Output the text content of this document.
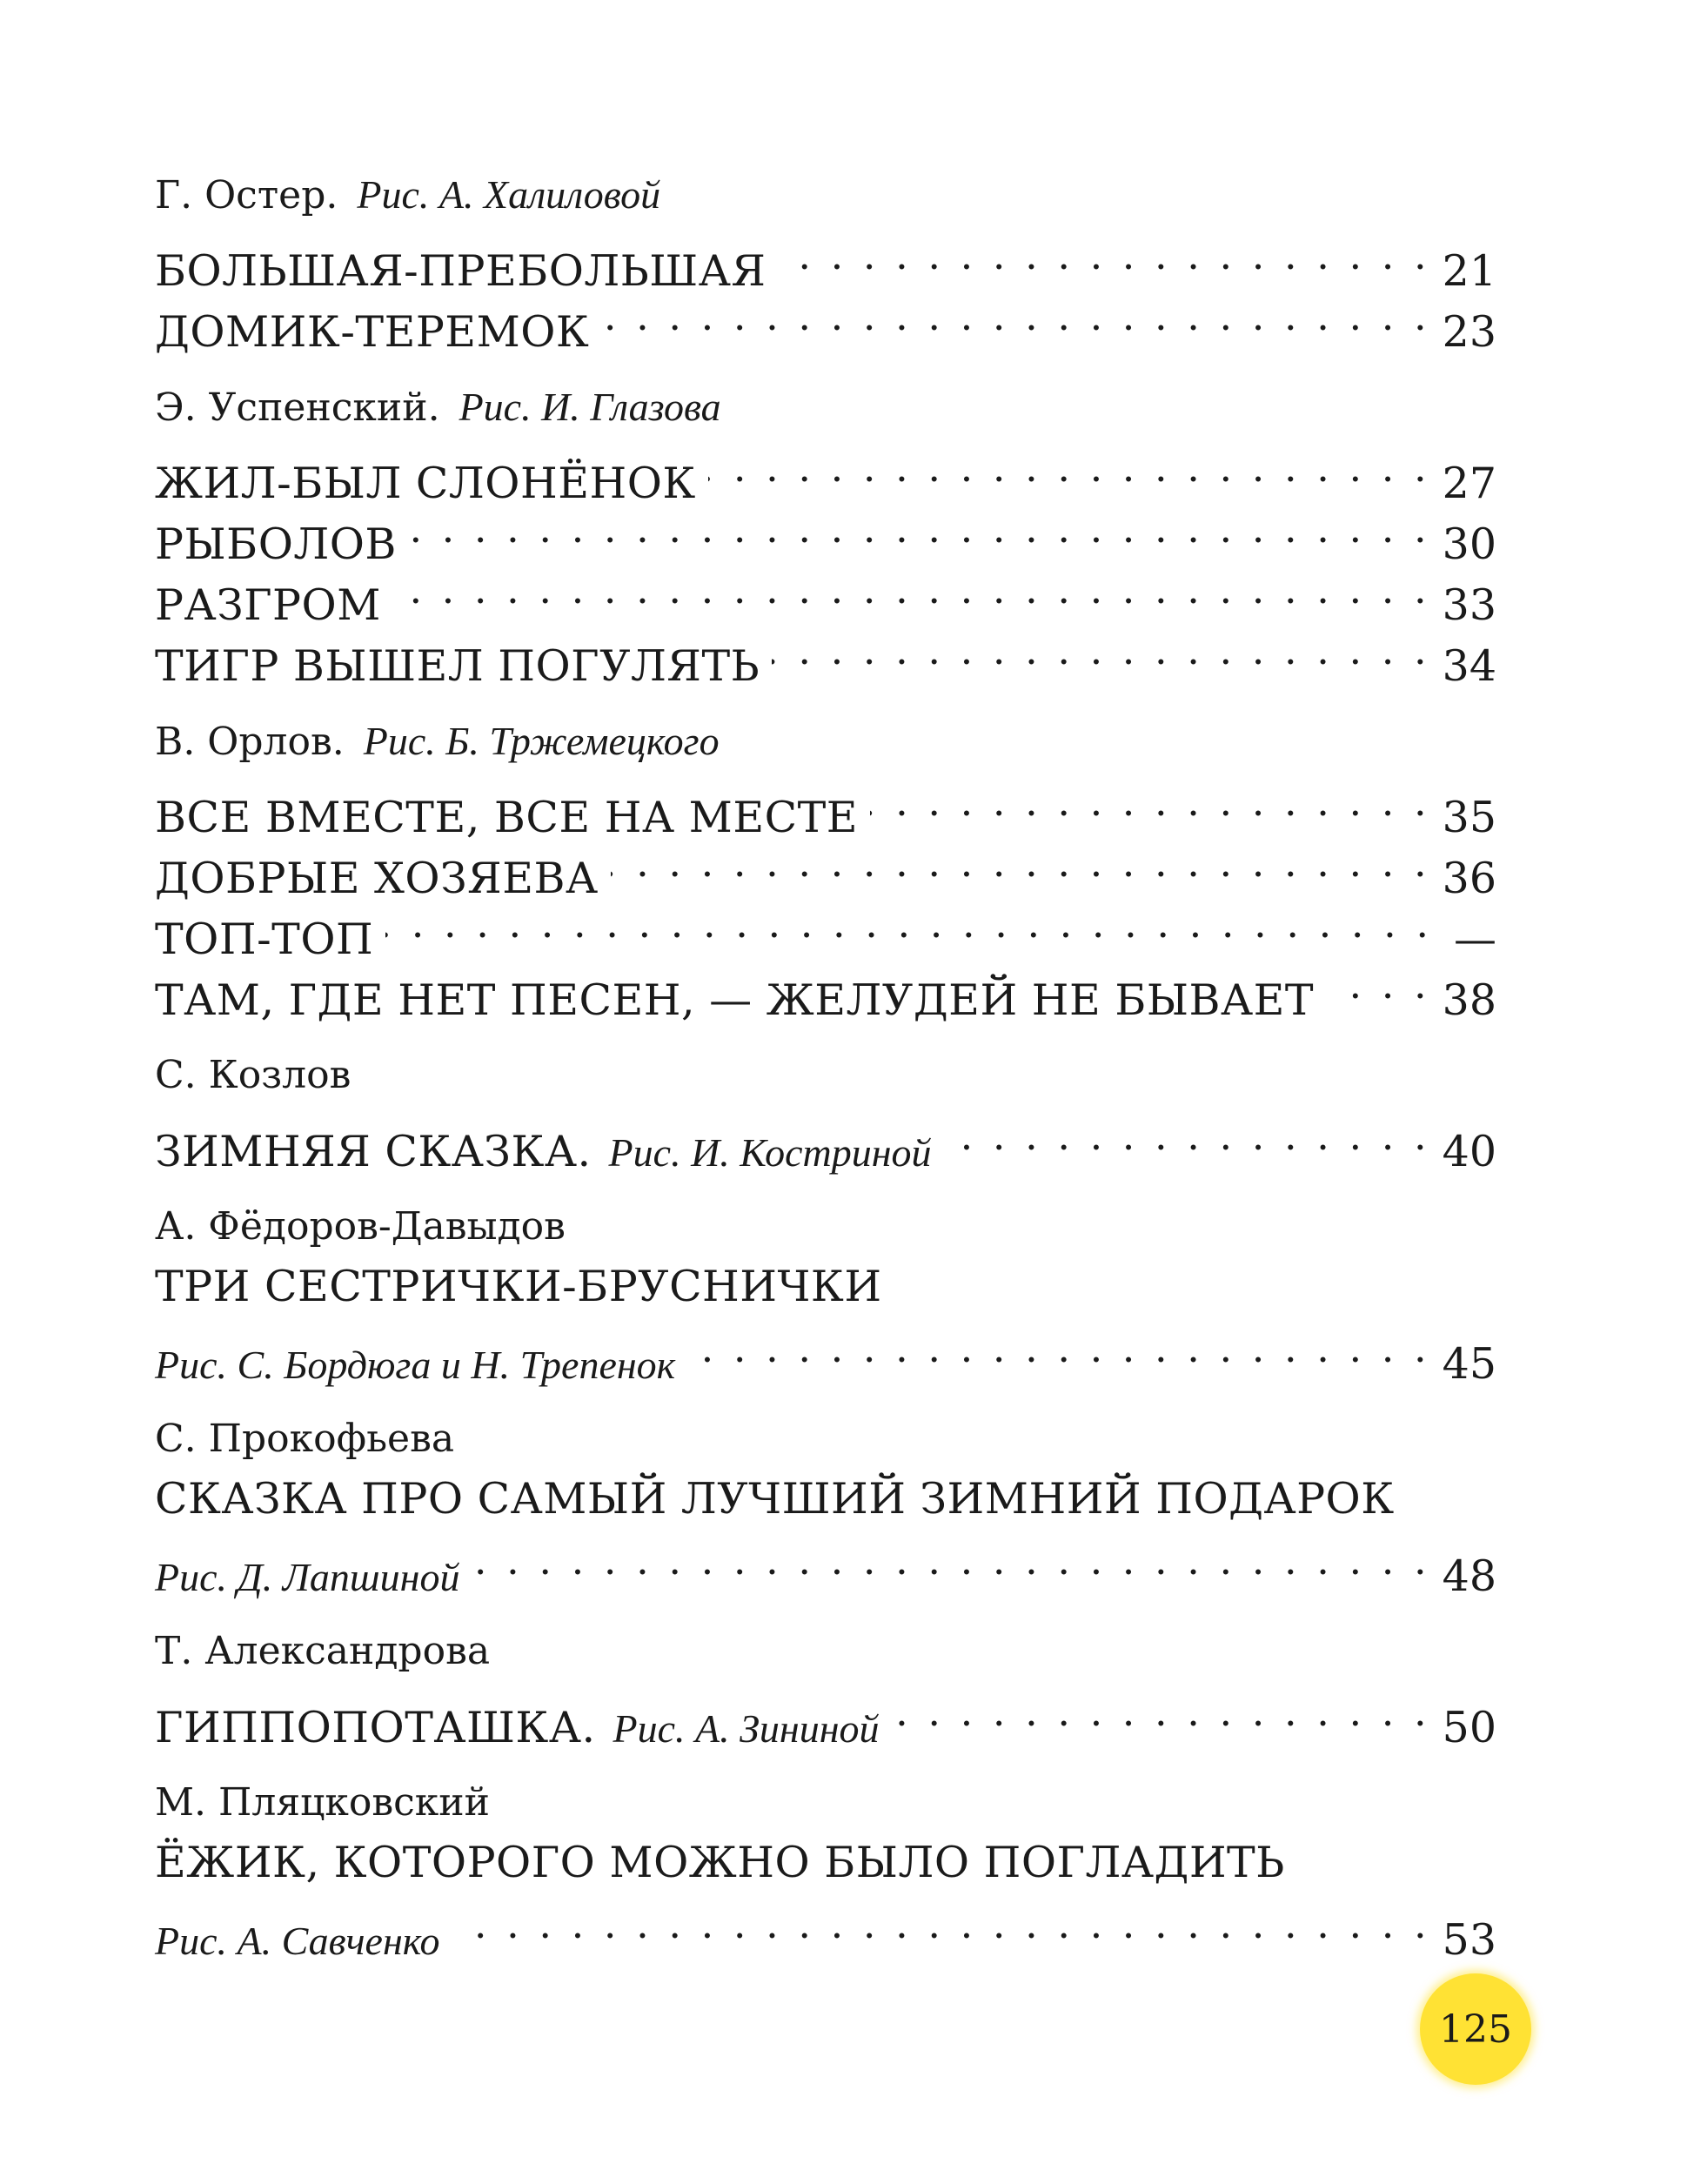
Г. Остер. Рис. А. Халиловой
БОЛЬШАЯ-ПРЕБОЛЬШАЯ . . .	21
ДОМИК-ТЕРЕМОК . . .	23
Э. Успенский. Рис. И. Глазова
ЖИЛ-БЫЛ СЛОНЁНОК . . .	27
РЫБОЛОВ . . .	30
РАЗГРОМ . . .	33
ТИГР ВЫШЕЛ ПОГУЛЯТЬ . . .	34
В. Орлов. Рис. Б. Тржемецкого
ВСЕ ВМЕСТЕ, ВСЕ НА МЕСТЕ . . .	35
ДОБРЫЕ ХОЗЯЕВА . . .	36
ТОП-ТОП . . .	—
ТАМ, ГДЕ НЕТ ПЕСЕН, — ЖЕЛУДЕЙ НЕ БЫВАЕТ . . .	38
С. Козлов
ЗИМНЯЯ СКАЗКА. Рис. И. Костриной . . .	40
А. Фёдоров-Давыдов
ТРИ СЕСТРИЧКИ-БРУСНИЧКИ
Рис. С. Бордюга и Н. Трепенок . . .	45
С. Прокофьева
СКАЗКА ПРО САМЫЙ ЛУЧШИЙ ЗИМНИЙ ПОДАРОК
Рис. Д. Лапшиной . . .	48
Т. Александрова
ГИППОПОТАШКА. Рис. А. Зининой . . .	50
М. Пляцковский
ЁЖИК, КОТОРОГО МОЖНО БЫЛО ПОГЛАДИТЬ
Рис. А. Савченко . . .	53
125
